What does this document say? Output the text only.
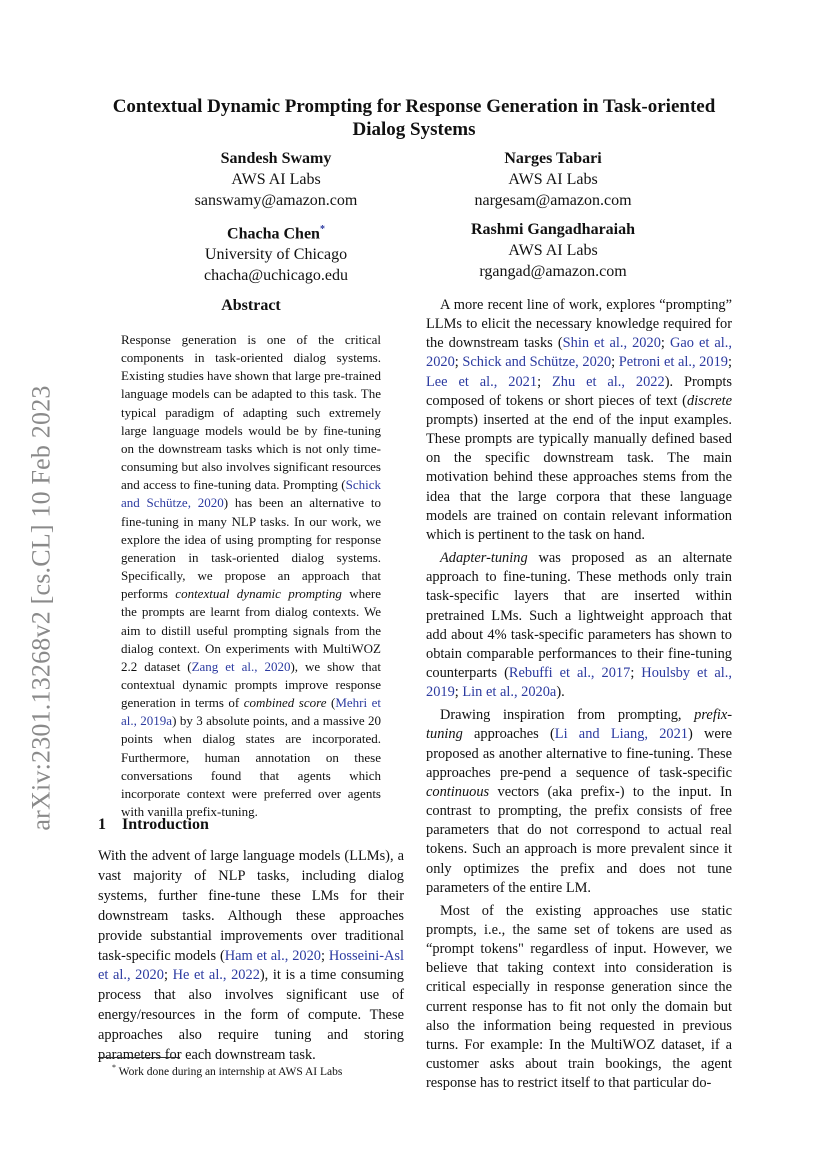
arXiv:2301.13268v2 [cs.CL] 10 Feb 2023
Contextual Dynamic Prompting for Response Generation in Task-oriented Dialog Systems
Sandesh Swamy
AWS AI Labs
sanswamy@amazon.com
Narges Tabari
AWS AI Labs
nargesam@amazon.com
Chacha Chen*
University of Chicago
chacha@uchicago.edu
Rashmi Gangadharaiah
AWS AI Labs
rgangad@amazon.com
Abstract

Response generation is one of the critical components in task-oriented dialog systems. Existing studies have shown that large pre-trained language models can be adapted to this task. The typical paradigm of adapting such extremely large language models would be by fine-tuning on the downstream tasks which is not only time-consuming but also involves significant resources and access to fine-tuning data. Prompting (Schick and Schütze, 2020) has been an alternative to fine-tuning in many NLP tasks. In our work, we explore the idea of using prompting for response generation in task-oriented dialog systems. Specifically, we propose an approach that performs contextual dynamic prompting where the prompts are learnt from dialog contexts. We aim to distill useful prompting signals from the dialog context. On experiments with MultiWOZ 2.2 dataset (Zang et al., 2020), we show that contextual dynamic prompts improve response generation in terms of combined score (Mehri et al., 2019a) by 3 absolute points, and a massive 20 points when dialog states are incorporated. Furthermore, human annotation on these conversations found that agents which incorporate context were preferred over agents with vanilla prefix-tuning.

1 Introduction

With the advent of large language models (LLMs), a vast majority of NLP tasks, including dialog systems, further fine-tune these LMs for their downstream tasks. Although these approaches provide substantial improvements over traditional task-specific models (Ham et al., 2020; Hosseini-Asl et al., 2020; He et al., 2022), it is a time consuming process that also involves significant use of energy/resources in the form of compute. These approaches also require tuning and storing parameters for each downstream task.

* Work done during an internship at AWS AI Labs

A more recent line of work, explores “prompting” LLMs to elicit the necessary knowledge required for the downstream tasks (Shin et al., 2020; Gao et al., 2020; Schick and Schütze, 2020; Petroni et al., 2019; Lee et al., 2021; Zhu et al., 2022). Prompts composed of tokens or short pieces of text (discrete prompts) inserted at the end of the input examples. These prompts are typically manually defined based on the specific downstream task. The main motivation behind these approaches stems from the idea that the large corpora that these language models are trained on contain relevant information which is pertinent to the task on hand.

Adapter-tuning was proposed as an alternate approach to fine-tuning. These methods only train task-specific layers that are inserted within pretrained LMs. Such a lightweight approach that add about 4% task-specific parameters has shown to obtain comparable performances to their fine-tuning counterparts (Rebuffi et al., 2017; Houlsby et al., 2019; Lin et al., 2020a).

Drawing inspiration from prompting, prefix-tuning approaches (Li and Liang, 2021) were proposed as another alternative to fine-tuning. These approaches pre-pend a sequence of task-specific continuous vectors (aka prefix-) to the input. In contrast to prompting, the prefix consists of free parameters that do not correspond to actual real tokens. Such an approach is more prevalent since it only optimizes the prefix and does not tune parameters of the entire LM.

Most of the existing approaches use static prompts, i.e., the same set of tokens are used as “prompt tokens" regardless of input. However, we believe that taking context into consideration is critical especially in response generation since the current response has to fit not only the domain but also the information being requested in previous turns. For example: In the MultiWOZ dataset, if a customer asks about train bookings, the agent response has to restrict itself to that particular do-
